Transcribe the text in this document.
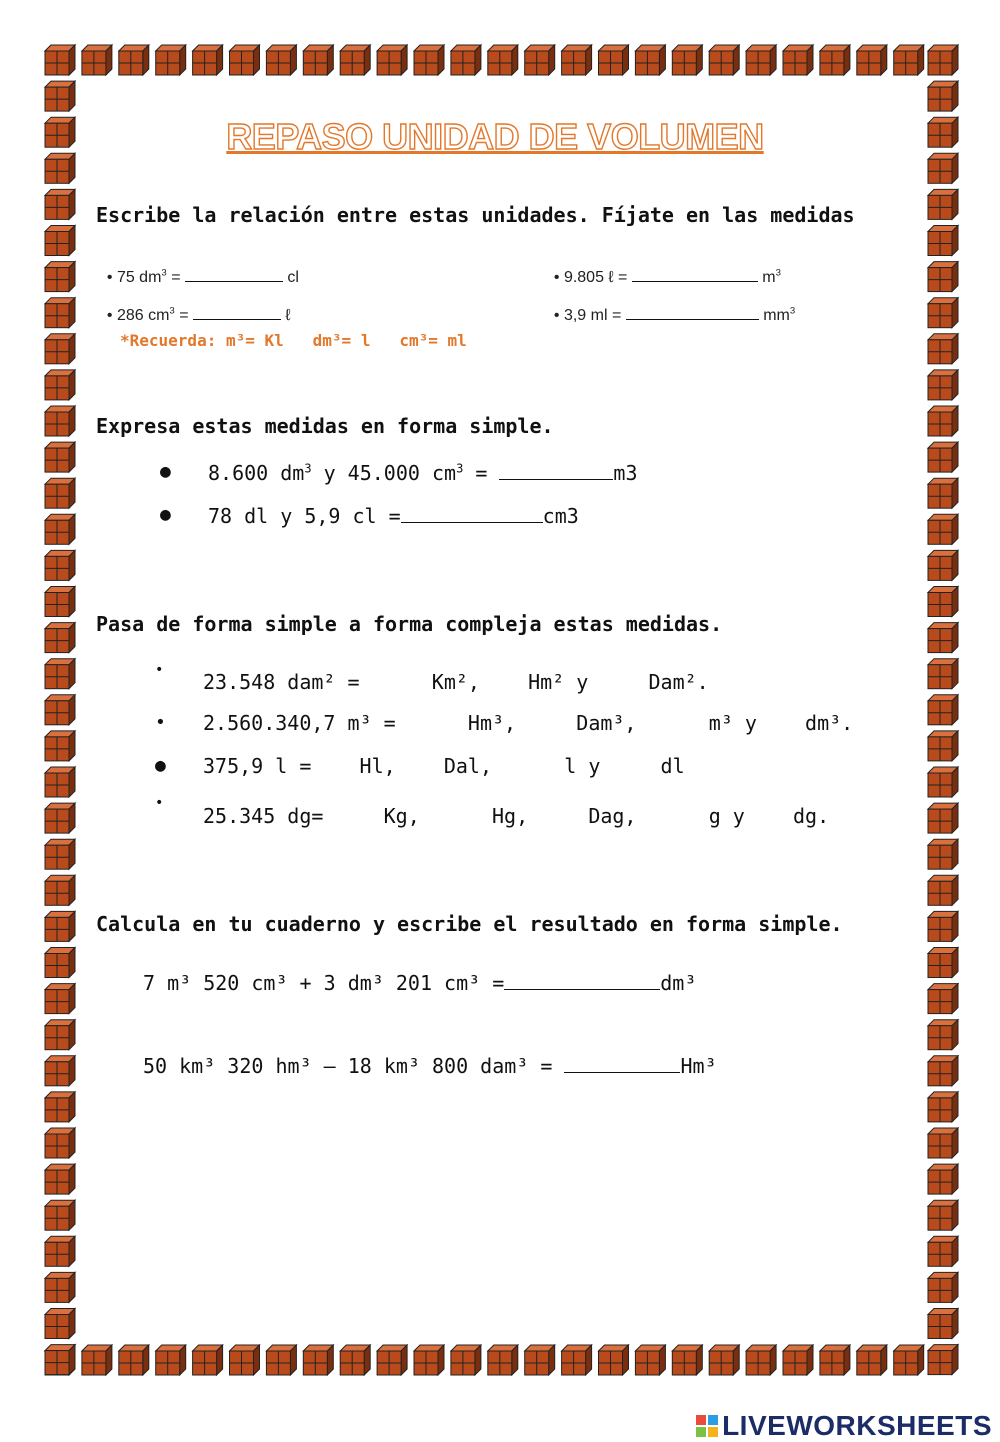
REPASO UNIDAD DE VOLUMEN
Escribe la relación entre estas unidades. Fíjate en las medidas

• 75 $dm^3$ =	cl	• 9.805 ℓ =	$m^3$

• 286 $cm^3$ =	ℓ	• 3,9 ml =	$mm^3$

*Recuerda: m³= Kl   dm³= l   cm³= ml
Expresa estas medidas en forma simple.
● 8.600 $dm^3$ y 45.000 $cm^3$ =	m3
● 78 dl y 5,9 cl =	cm3
Pasa de forma simple a forma compleja estas medidas.
• 23.548 dam² =      Km²,    Hm² y     Dam².
• 2.560.340,7 m³ =      Hm³,     Dam³,      m³ y    dm³.
● 375,9 l =    Hl,    Dal,      l y     dl
•
25.345 dg=     Kg,      Hg,     Dag,      g y    dg.
Calcula en tu cuaderno y escribe el resultado en forma simple.
7 m³ 520 cm³ + 3 dm³ 201 cm³ =	dm³
50 km³ 320 hm³ – 18 km³ 800 dam³ =	Hm³

LIVEWORKSHEETS
